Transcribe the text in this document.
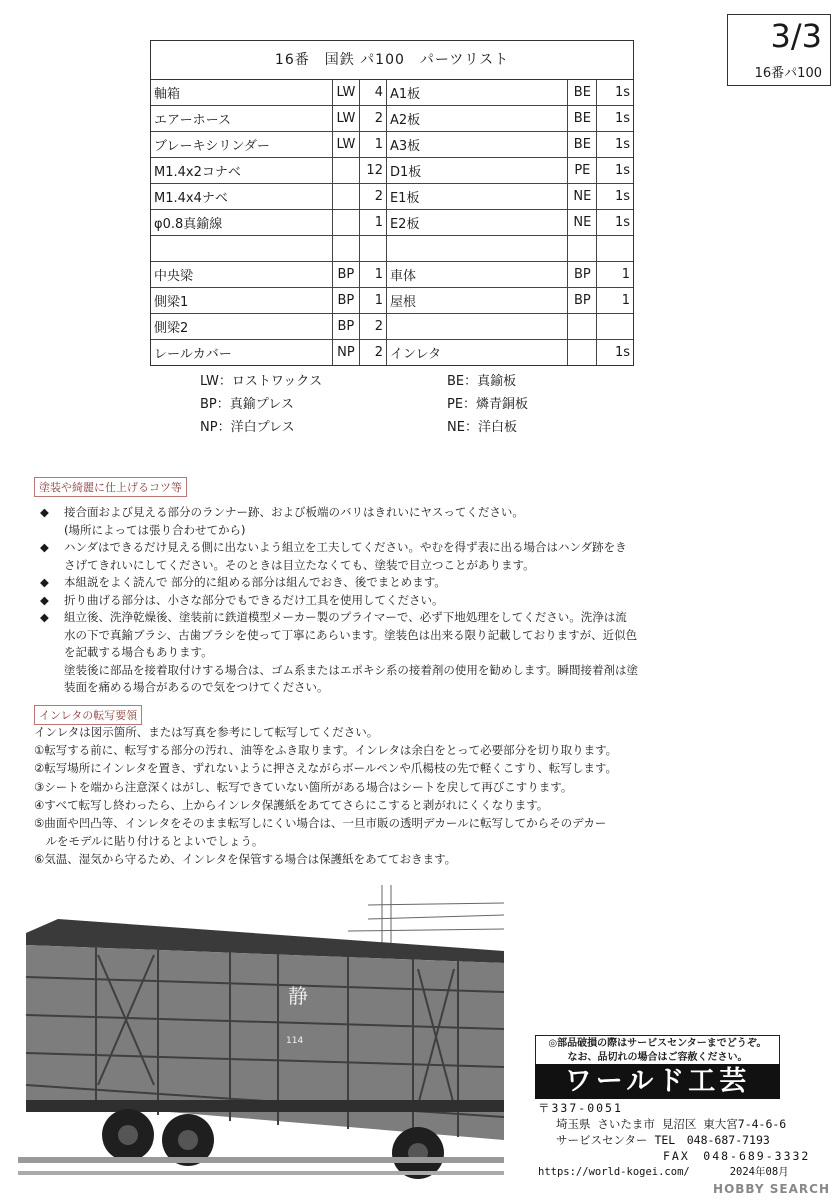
3/3
16番パ100
16番　国鉄 パ100　パーツリスト
軸箱	LW	4	A1板	BE	1s
エアーホース	LW	2	A2板	BE	1s
ブレーキシリンダー	LW	1	A3板	BE	1s
M1.4x2コナベ		12	D1板	PE	1s
M1.4x4ナベ		2	E1板	NE	1s
φ0.8真鍮線		1	E2板	NE	1s

中央梁	BP	1	車体	BP	1
側梁1	BP	1	屋根	BP	1
側梁2	BP	2			
レールカバー	NP	2	インレタ		1s
LW：ロストワックス
BP：真鍮プレス
NP：洋白プレス
BE：真鍮板
PE：燐青銅板
NE：洋白板
塗装や綺麗に仕上げるコツ等
◆ 接合面および見える部分のランナー跡、および板端のバリはきれいにヤスってください。
(場所によっては張り合わせてから)
◆ ハンダはできるだけ見える側に出ないよう組立を工夫してください。やむを得ず表に出る場合はハンダ跡をきさげてきれいにしてください。そのときは目立たなくても、塗装で目立つことがあります。
◆ 本組説をよく読んで 部分的に組める部分は組んでおき、後でまとめます。
◆ 折り曲げる部分は、小さな部分でもできるだけ工具を使用してください。
◆ 組立後、洗浄乾燥後、塗装前に鉄道模型メーカー製のプライマーで、必ず下地処理をしてください。洗浄は流水の下で真鍮ブラシ、古歯ブラシを使って丁寧にあらいます。塗装色は出来る限り記載しておりますが、近似色を記載する場合もあります。
塗装後に部品を接着取付けする場合は、ゴム系またはエポキシ系の接着剤の使用を勧めします。瞬間接着剤は塗装面を痛める場合があるので気をつけてください。
インレタの転写要領
インレタは図示箇所、または写真を参考にして転写してください。
①転写する前に、転写する部分の汚れ、油等をふき取ります。インレタは余白をとって必要部分を切り取ります。
②転写場所にインレタを置き、ずれないように押さえながらボールペンや爪楊枝の先で軽くこすり、転写します。
③シートを端から注意深くはがし、転写できていない箇所がある場合はシートを戻して再びこすります。
④すべて転写し終わったら、上からインレタ保護紙をあててさらにこすると剥がれにくくなります。
⑤曲面や凹凸等、インレタをそのまま転写しにくい場合は、一旦市販の透明デカールに転写してからそのデカー
　ルをモデルに貼り付けるとよいでしょう。
⑥気温、湿気から守るため、インレタを保管する場合は保護紙をあてておきます。
静
114	◎部品破損の際はサービスセンターまでどうぞ。
なお、品切れの場合はご容赦ください。
ワールド工芸
〒337-0051
埼玉県 さいたま市 見沼区 東大宮7-4-6-6
サービスセンター TEL　048-687-7193
FAX　048-689-3332
https://world-kogei.com/	2024年08月
HOBBY SEARCH
